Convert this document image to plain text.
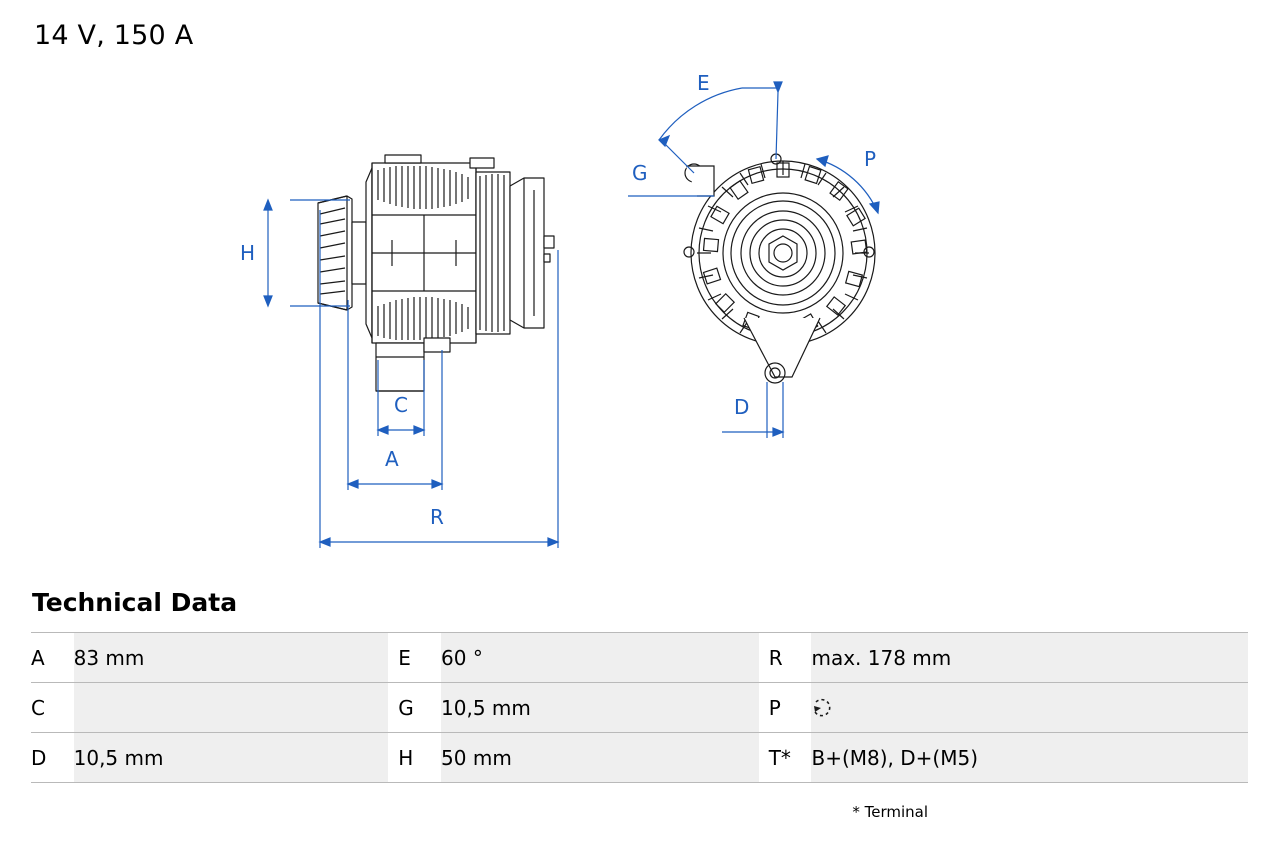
14 V, 150 A
H
C
A
R
E
G
P
D
Technical Data
A	83 mm	E	60 °	R	max. 178 mm
C		G	10,5 mm	P	
D	10,5 mm	H	50 mm	T*	B+(M8), D+(M5)
* Terminal
